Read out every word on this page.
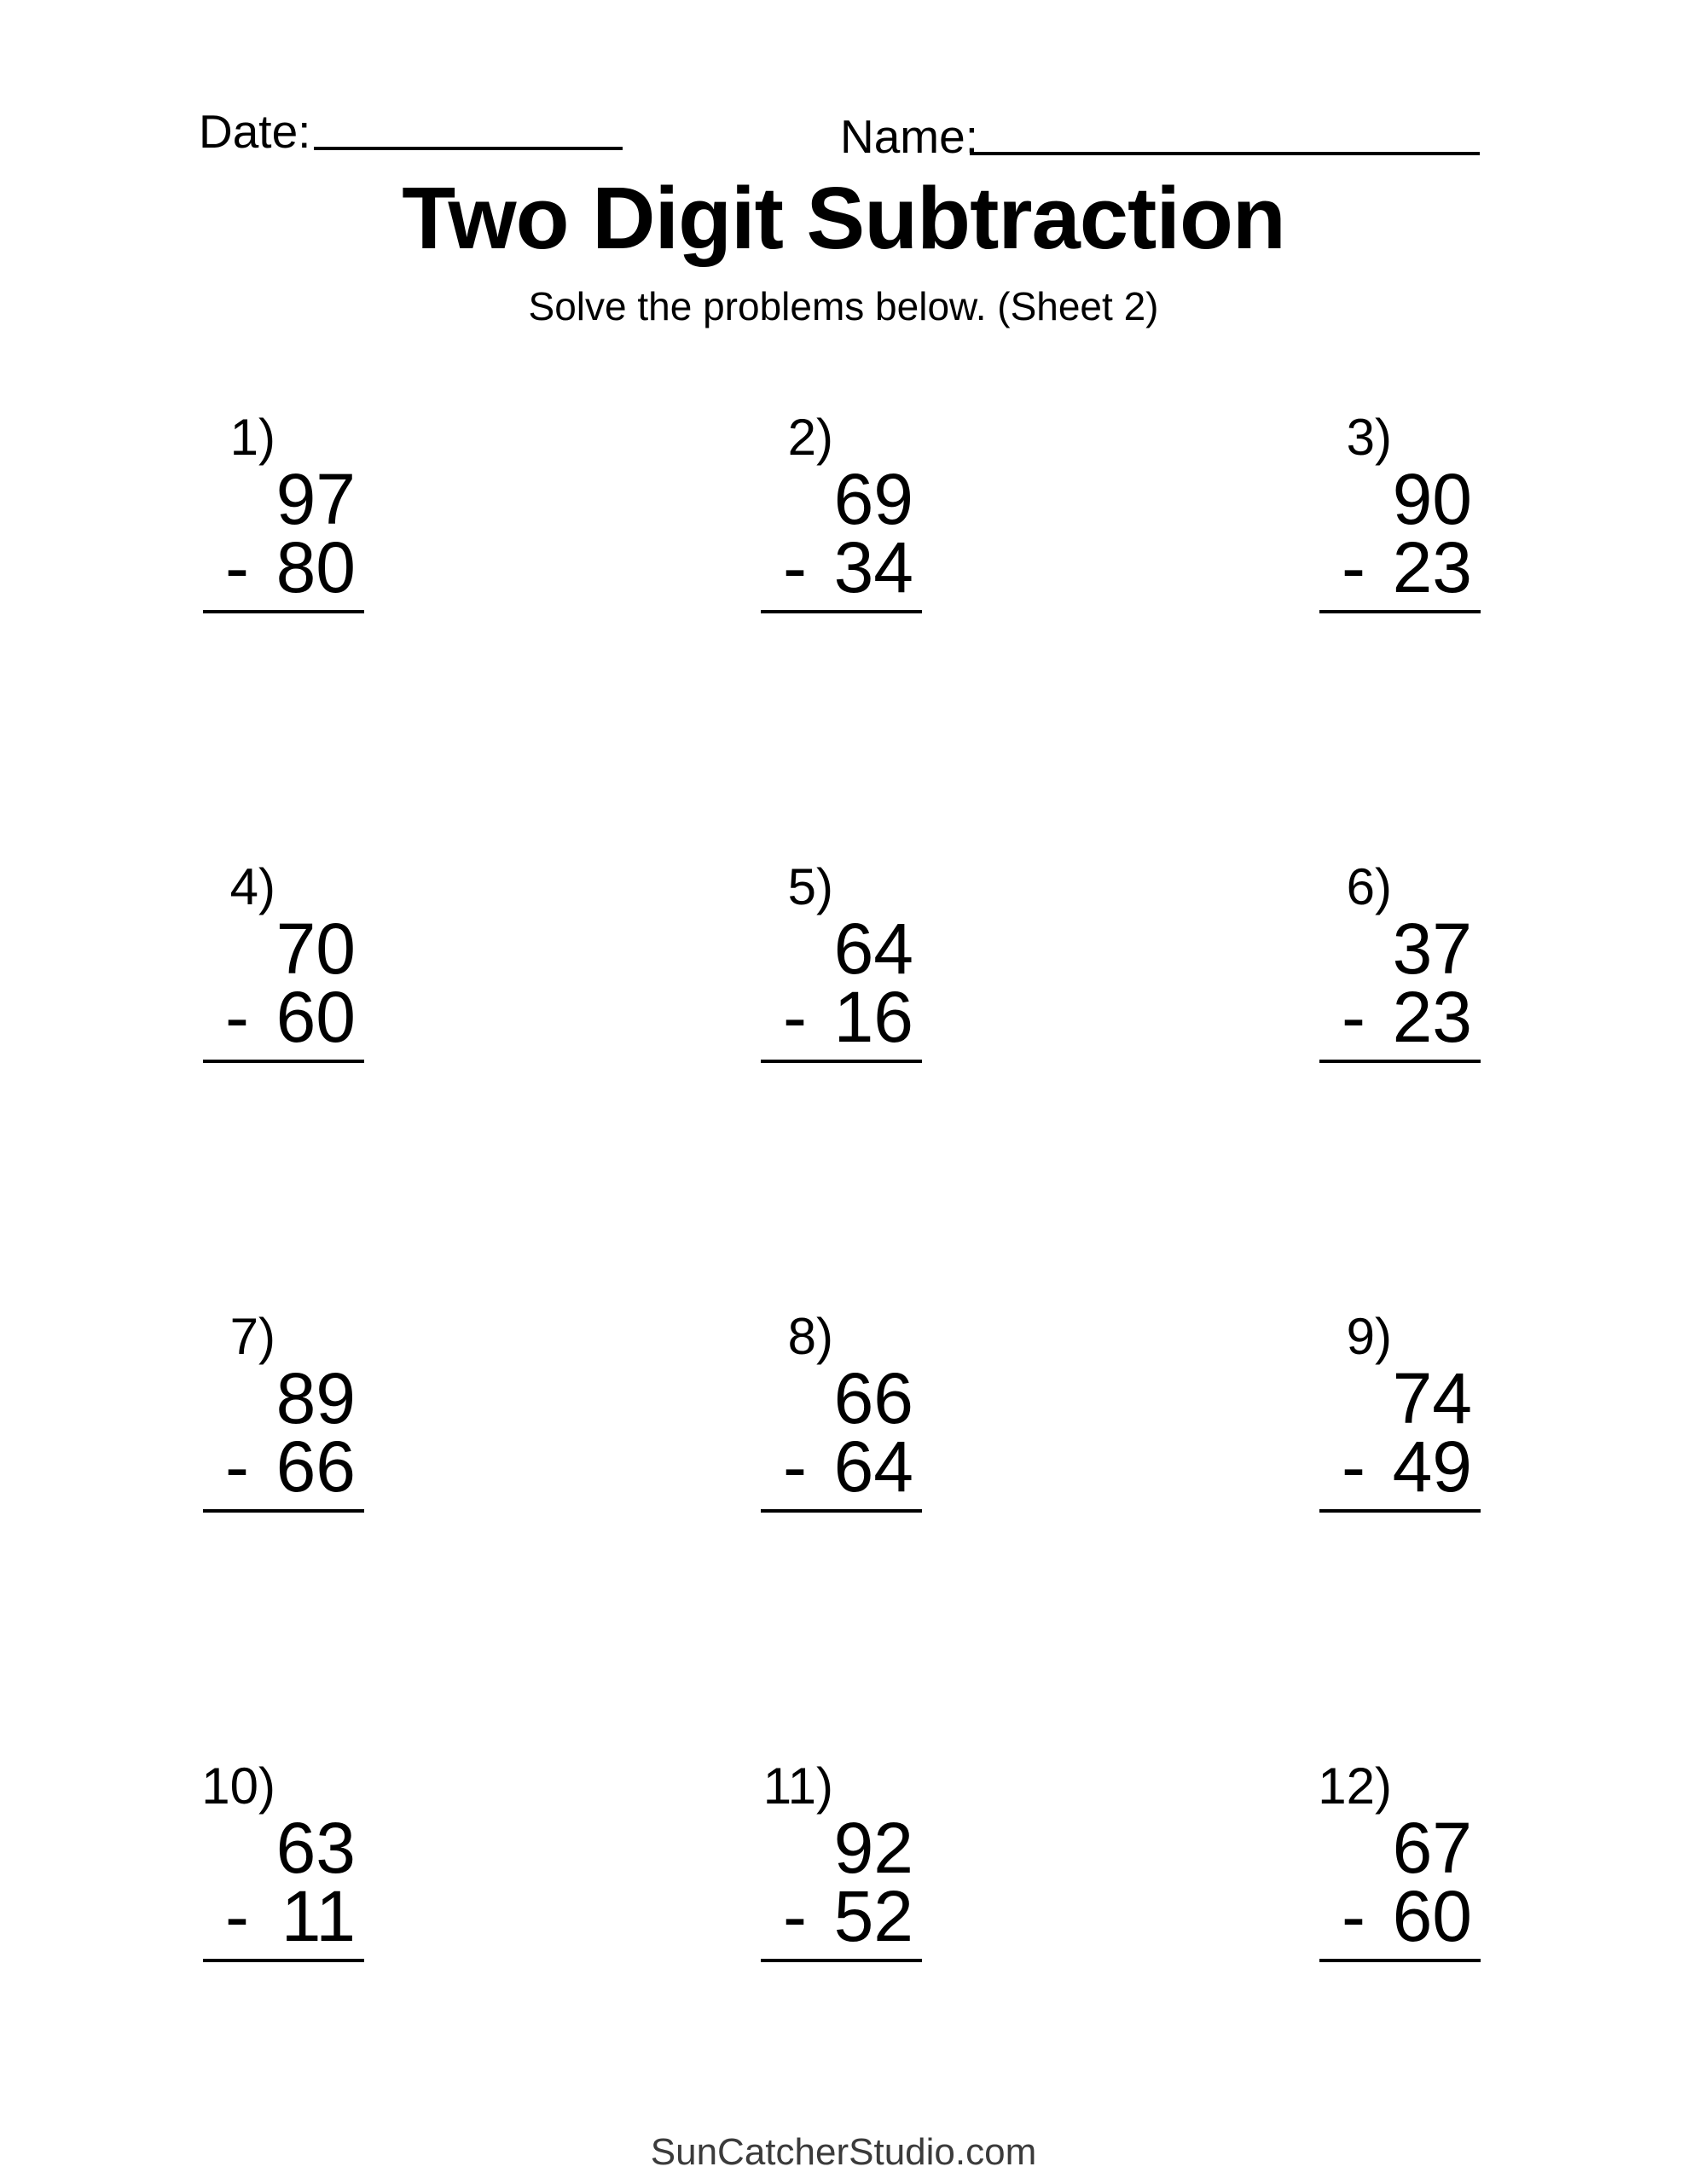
Date:	Name:
Two Digit Subtraction
Solve the problems below. (Sheet 2)
1)
97
- 80
2)
69
- 34
3)
90
- 23
4)
70
- 60
5)
64
- 16
6)
37
- 23
7)
89
- 66
8)
66
- 64
9)
74
- 49
10)
63
- 11
11)
92
- 52
12)
67
- 60
SunCatcherStudio.com
